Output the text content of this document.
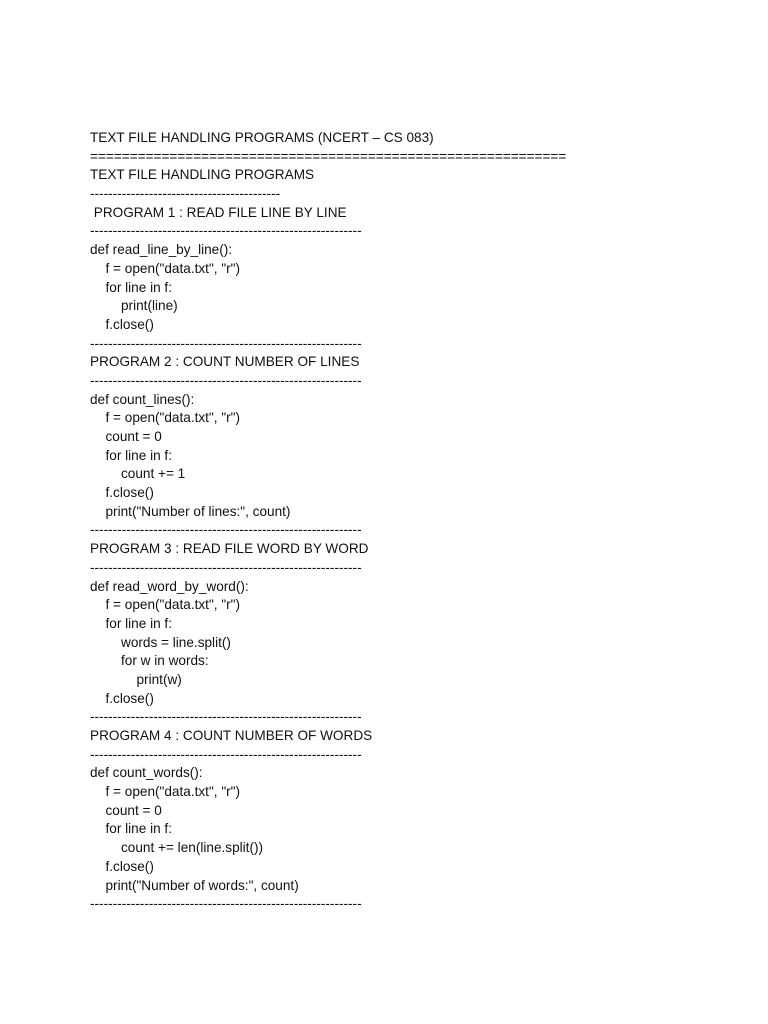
TEXT FILE HANDLING PROGRAMS (NCERT – CS 083)
============================================================
TEXT FILE HANDLING PROGRAMS
------------------------------------------
PROGRAM 1 : READ FILE LINE BY LINE
------------------------------------------------------------
def read_line_by_line():
f = open("data.txt", "r")
for line in f:
print(line)
f.close()
------------------------------------------------------------
PROGRAM 2 : COUNT NUMBER OF LINES
------------------------------------------------------------
def count_lines():
f = open("data.txt", "r")
count = 0
for line in f:
count += 1
f.close()
print("Number of lines:", count)
------------------------------------------------------------
PROGRAM 3 : READ FILE WORD BY WORD
------------------------------------------------------------
def read_word_by_word():
f = open("data.txt", "r")
for line in f:
words = line.split()
for w in words:
print(w)
f.close()
------------------------------------------------------------
PROGRAM 4 : COUNT NUMBER OF WORDS
------------------------------------------------------------
def count_words():
f = open("data.txt", "r")
count = 0
for line in f:
count += len(line.split())
f.close()
print("Number of words:", count)
------------------------------------------------------------
